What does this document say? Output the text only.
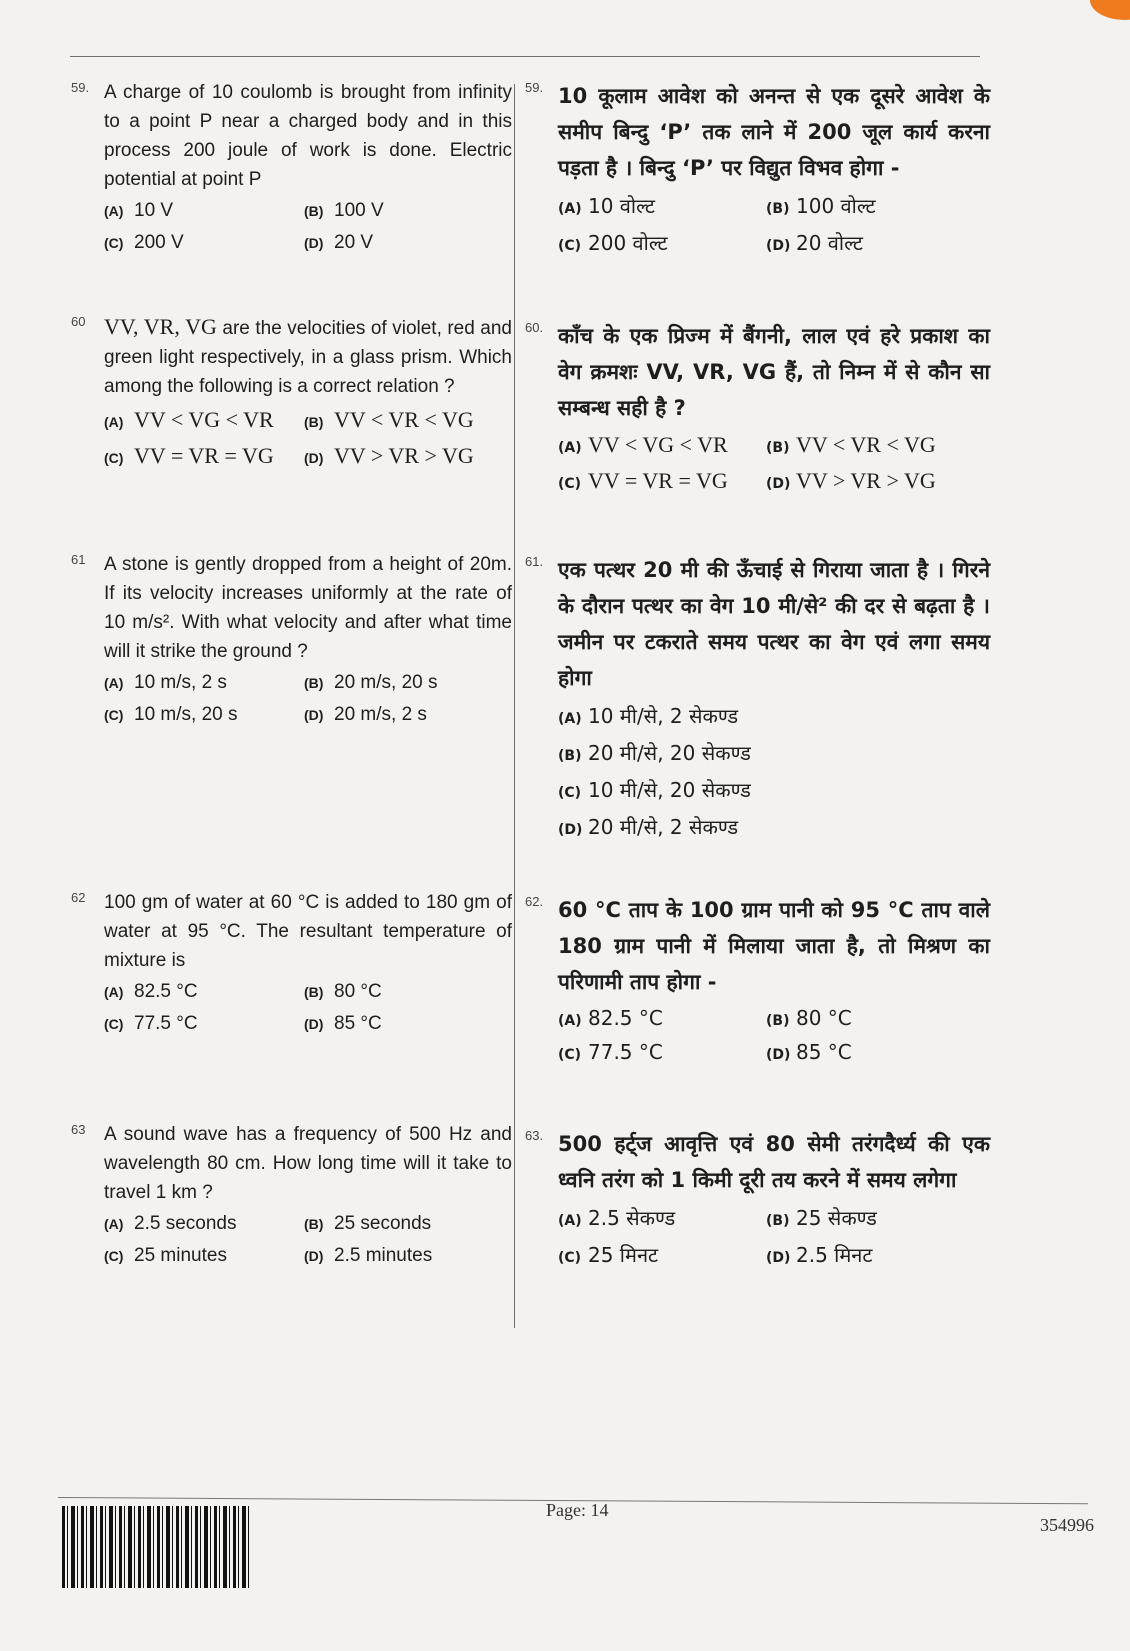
59. A charge of 10 coulomb is brought from infinity to a point P near a charged body and in this process 200 joule of work is done. Electric potential at point P
(A) 10 V	(B) 100 V
(C) 200 V	(D) 20 V
59. 10 कूलाम आवेश को अनन्त से एक दूसरे आवेश के समीप बिन्दु ‘P’ तक लाने में 200 जूल कार्य करना पड़ता है । बिन्दु ‘P’ पर विद्युत विभव होगा -
(A) 10 वोल्ट	(B) 100 वोल्ट
(C) 200 वोल्ट	(D) 20 वोल्ट
60 VV, VR, VG are the velocities of violet, red and green light respectively, in a glass prism. Which among the following is a correct relation ?
(A) VV < VG < VR	(B) VV < VR < VG
(C) VV = VR = VG	(D) VV > VR > VG
60. काँच के एक प्रिज्म में बैंगनी, लाल एवं हरे प्रकाश का वेग क्रमशः VV, VR, VG हैं, तो निम्न में से कौन सा सम्बन्ध सही है ?
(A) VV < VG < VR	(B) VV < VR < VG
(C) VV = VR = VG	(D) VV > VR > VG
61 A stone is gently dropped from a height of 20m. If its velocity increases uniformly at the rate of 10 m/s². With what velocity and after what time will it strike the ground ?
(A) 10 m/s, 2 s	(B) 20 m/s, 20 s
(C) 10 m/s, 20 s	(D) 20 m/s, 2 s
61. एक पत्थर 20 मी की ऊँचाई से गिराया जाता है । गिरने के दौरान पत्थर का वेग 10 मी/से² की दर से बढ़ता है । जमीन पर टकराते समय पत्थर का वेग एवं लगा समय होगा
(A) 10 मी/से, 2 सेकण्ड
(B) 20 मी/से, 20 सेकण्ड
(C) 10 मी/से, 20 सेकण्ड
(D) 20 मी/से, 2 सेकण्ड
62 100 gm of water at 60 °C is added to 180 gm of water at 95 °C. The resultant temperature of mixture is
(A) 82.5 °C	(B) 80 °C
(C) 77.5 °C	(D) 85 °C
62. 60 °C ताप के 100 ग्राम पानी को 95 °C ताप वाले 180 ग्राम पानी में मिलाया जाता है, तो मिश्रण का परिणामी ताप होगा -
(A) 82.5 °C	(B) 80 °C
(C) 77.5 °C	(D) 85 °C
63 A sound wave has a frequency of 500 Hz and wavelength 80 cm. How long time will it take to travel 1 km ?
(A) 2.5 seconds	(B) 25 seconds
(C) 25 minutes	(D) 2.5 minutes
63. 500 हर्ट्ज आवृत्ति एवं 80 सेमी तरंगदैर्ध्य की एक ध्वनि तरंग को 1 किमी दूरी तय करने में समय लगेगा
(A) 2.5 सेकण्ड	(B) 25 सेकण्ड
(C) 25 मिनट	(D) 2.5 मिनट
Page: 14
354996
